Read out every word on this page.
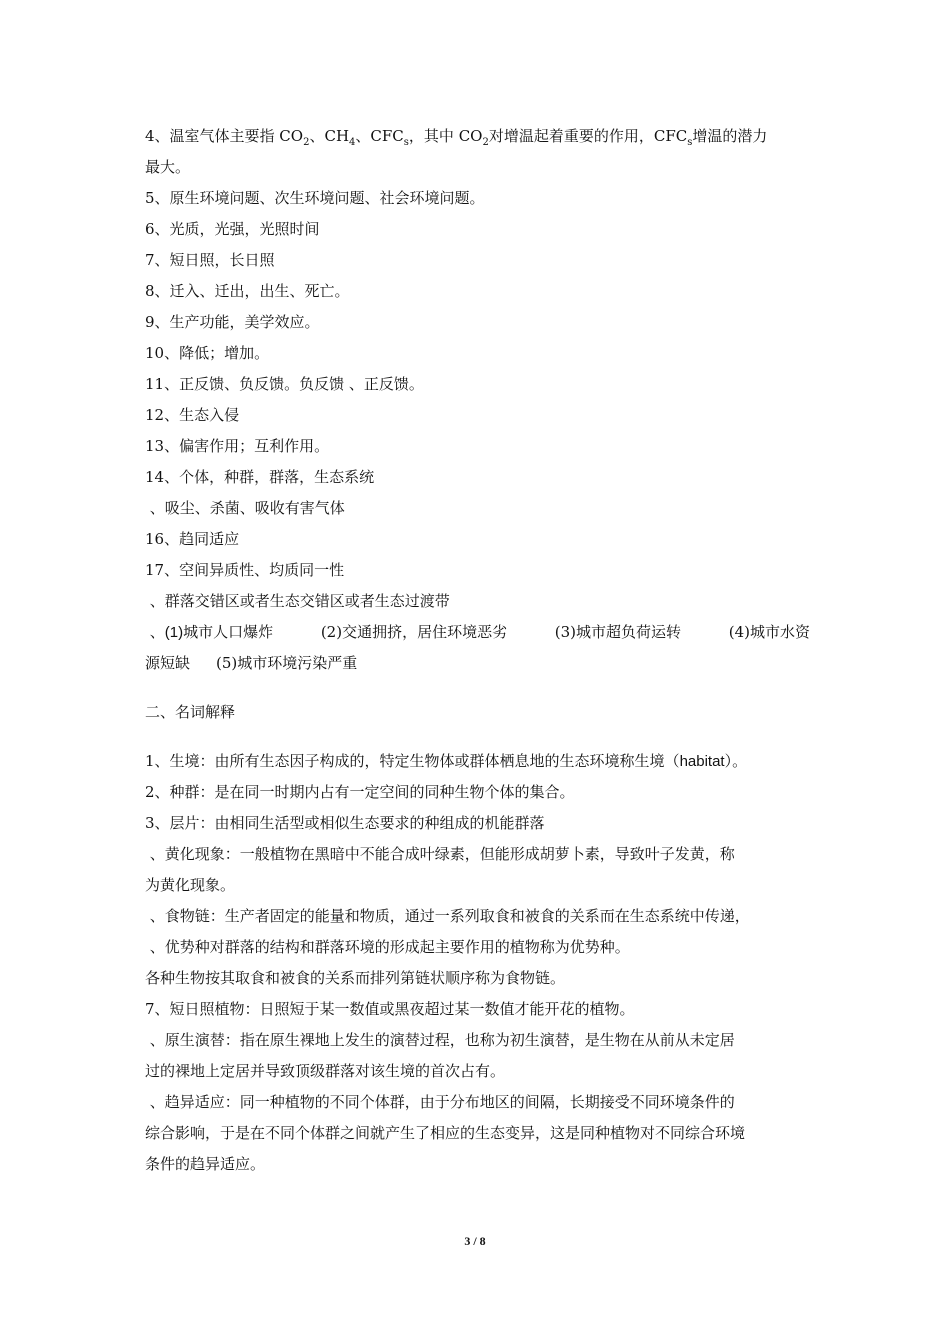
4、温室气体主要指 $CO_2$、$CH_4$、$CFC_s$，其中 $CO_2$对增温起着重要的作用，$CFC_s$增温的潜力
最大。
5、原生环境问题、次生环境问题、社会环境问题。
6、光质，光强，光照时间
7、短日照，长日照
8、迁入、迁出，出生、死亡。
9、生产功能，美学效应。
10、降低；增加。
11、正反馈、负反馈。负反馈 、正反馈。
12、生态入侵
13、偏害作用；互利作用。
14、个体，种群，群落，生态系统
、吸尘、杀菌、吸收有害气体
16、趋同适应
17、空间异质性、均质同一性
、群落交错区或者生态交错区或者生态过渡带
、(1)城市人口爆炸	(2)交通拥挤，居住环境恶劣	(3)城市超负荷运转	(4)城市水资
源短缺 (5)城市环境污染严重
二、名词解释
1、生境：由所有生态因子构成的，特定生物体或群体栖息地的生态环境称生境（habitat）。
2、种群：是在同一时期内占有一定空间的同种生物个体的集合。
3、层片：由相同生活型或相似生态要求的种组成的机能群落
、黄化现象：一般植物在黑暗中不能合成叶绿素，但能形成胡萝卜素，导致叶子发黄，称
为黄化现象。
、食物链：生产者固定的能量和物质，通过一系列取食和被食的关系而在生态系统中传递，
、优势种对群落的结构和群落环境的形成起主要作用的植物称为优势种。
各种生物按其取食和被食的关系而排列第链状顺序称为食物链。
7、短日照植物：日照短于某一数值或黑夜超过某一数值才能开花的植物。
、原生演替：指在原生裸地上发生的演替过程，也称为初生演替，是生物在从前从未定居
过的裸地上定居并导致顶级群落对该生境的首次占有。
、趋异适应：同一种植物的不同个体群，由于分布地区的间隔，长期接受不同环境条件的
综合影响，于是在不同个体群之间就产生了相应的生态变异，这是同种植物对不同综合环境
条件的趋异适应。
3 / 8
